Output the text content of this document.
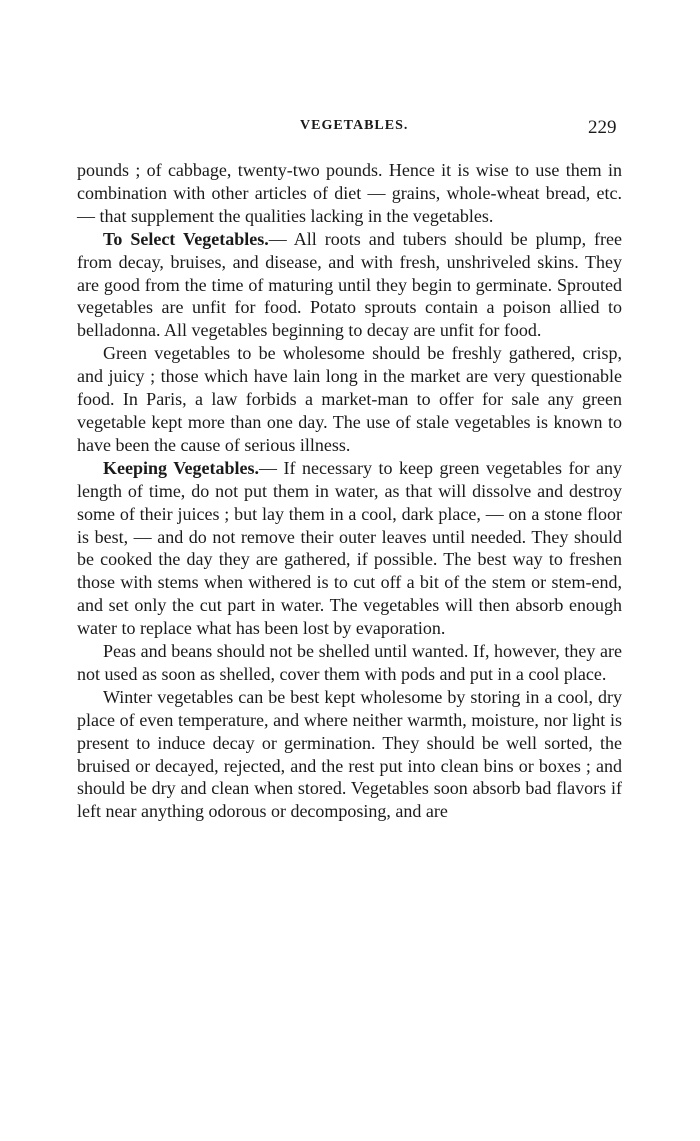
VEGETABLES.	229

pounds ; of cabbage, twenty-two pounds. Hence it is wise to use them in combination with other articles of diet — grains, whole-wheat bread, etc. — that supplement the qualities lacking in the vegetables.

To Select Vegetables.— All roots and tubers should be plump, free from decay, bruises, and disease, and with fresh, unshriveled skins. They are good from the time of maturing until they begin to germinate. Sprouted vegetables are unfit for food. Potato sprouts contain a poison allied to belladonna. All vegetables beginning to decay are unfit for food.

Green vegetables to be wholesome should be freshly gathered, crisp, and juicy ; those which have lain long in the market are very questionable food. In Paris, a law forbids a market-man to offer for sale any green vegetable kept more than one day. The use of stale vegetables is known to have been the cause of serious illness.

Keeping Vegetables.— If necessary to keep green vegetables for any length of time, do not put them in water, as that will dissolve and destroy some of their juices ; but lay them in a cool, dark place, — on a stone floor is best, — and do not remove their outer leaves until needed. They should be cooked the day they are gathered, if possible. The best way to freshen those with stems when withered is to cut off a bit of the stem or stem-end, and set only the cut part in water. The vegetables will then absorb enough water to replace what has been lost by evaporation.

Peas and beans should not be shelled until wanted. If, however, they are not used as soon as shelled, cover them with pods and put in a cool place.

Winter vegetables can be best kept wholesome by storing in a cool, dry place of even temperature, and where neither warmth, moisture, nor light is present to induce decay or germination. They should be well sorted, the bruised or decayed, rejected, and the rest put into clean bins or boxes ; and should be dry and clean when stored. Vegetables soon absorb bad flavors if left near anything odorous or decomposing, and are
